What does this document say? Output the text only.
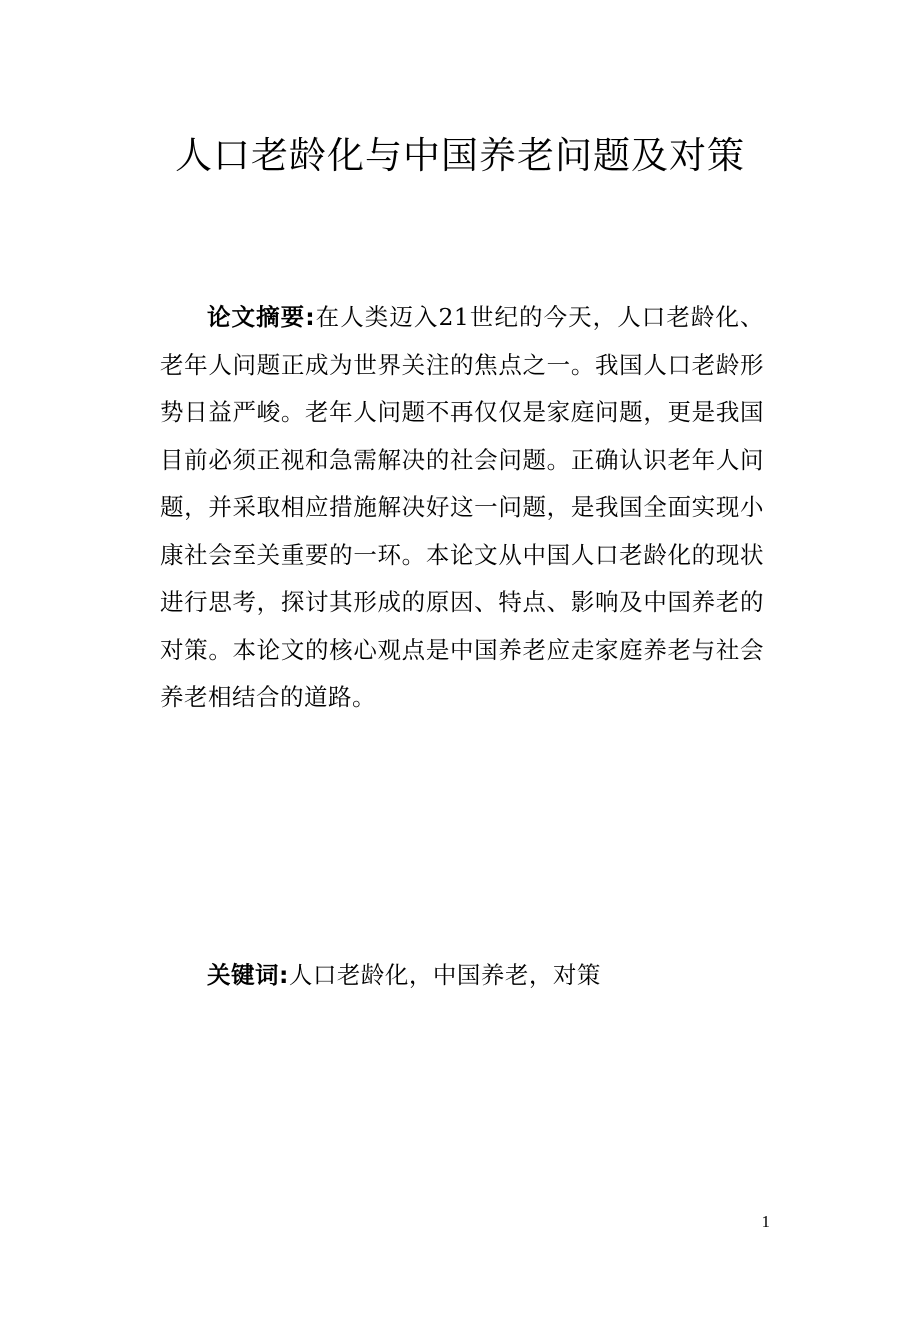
人口老龄化与中国养老问题及对策

论文摘要:在人类迈入21世纪的今天，人口老龄化、老年人问题正成为世界关注的焦点之一。我国人口老龄形势日益严峻。老年人问题不再仅仅是家庭问题，更是我国目前必须正视和急需解决的社会问题。正确认识老年人问题，并采取相应措施解决好这一问题，是我国全面实现小康社会至关重要的一环。本论文从中国人口老龄化的现状进行思考，探讨其形成的原因、特点、影响及中国养老的对策。本论文的核心观点是中国养老应走家庭养老与社会养老相结合的道路。

关键词:人口老龄化，中国养老，对策

1
